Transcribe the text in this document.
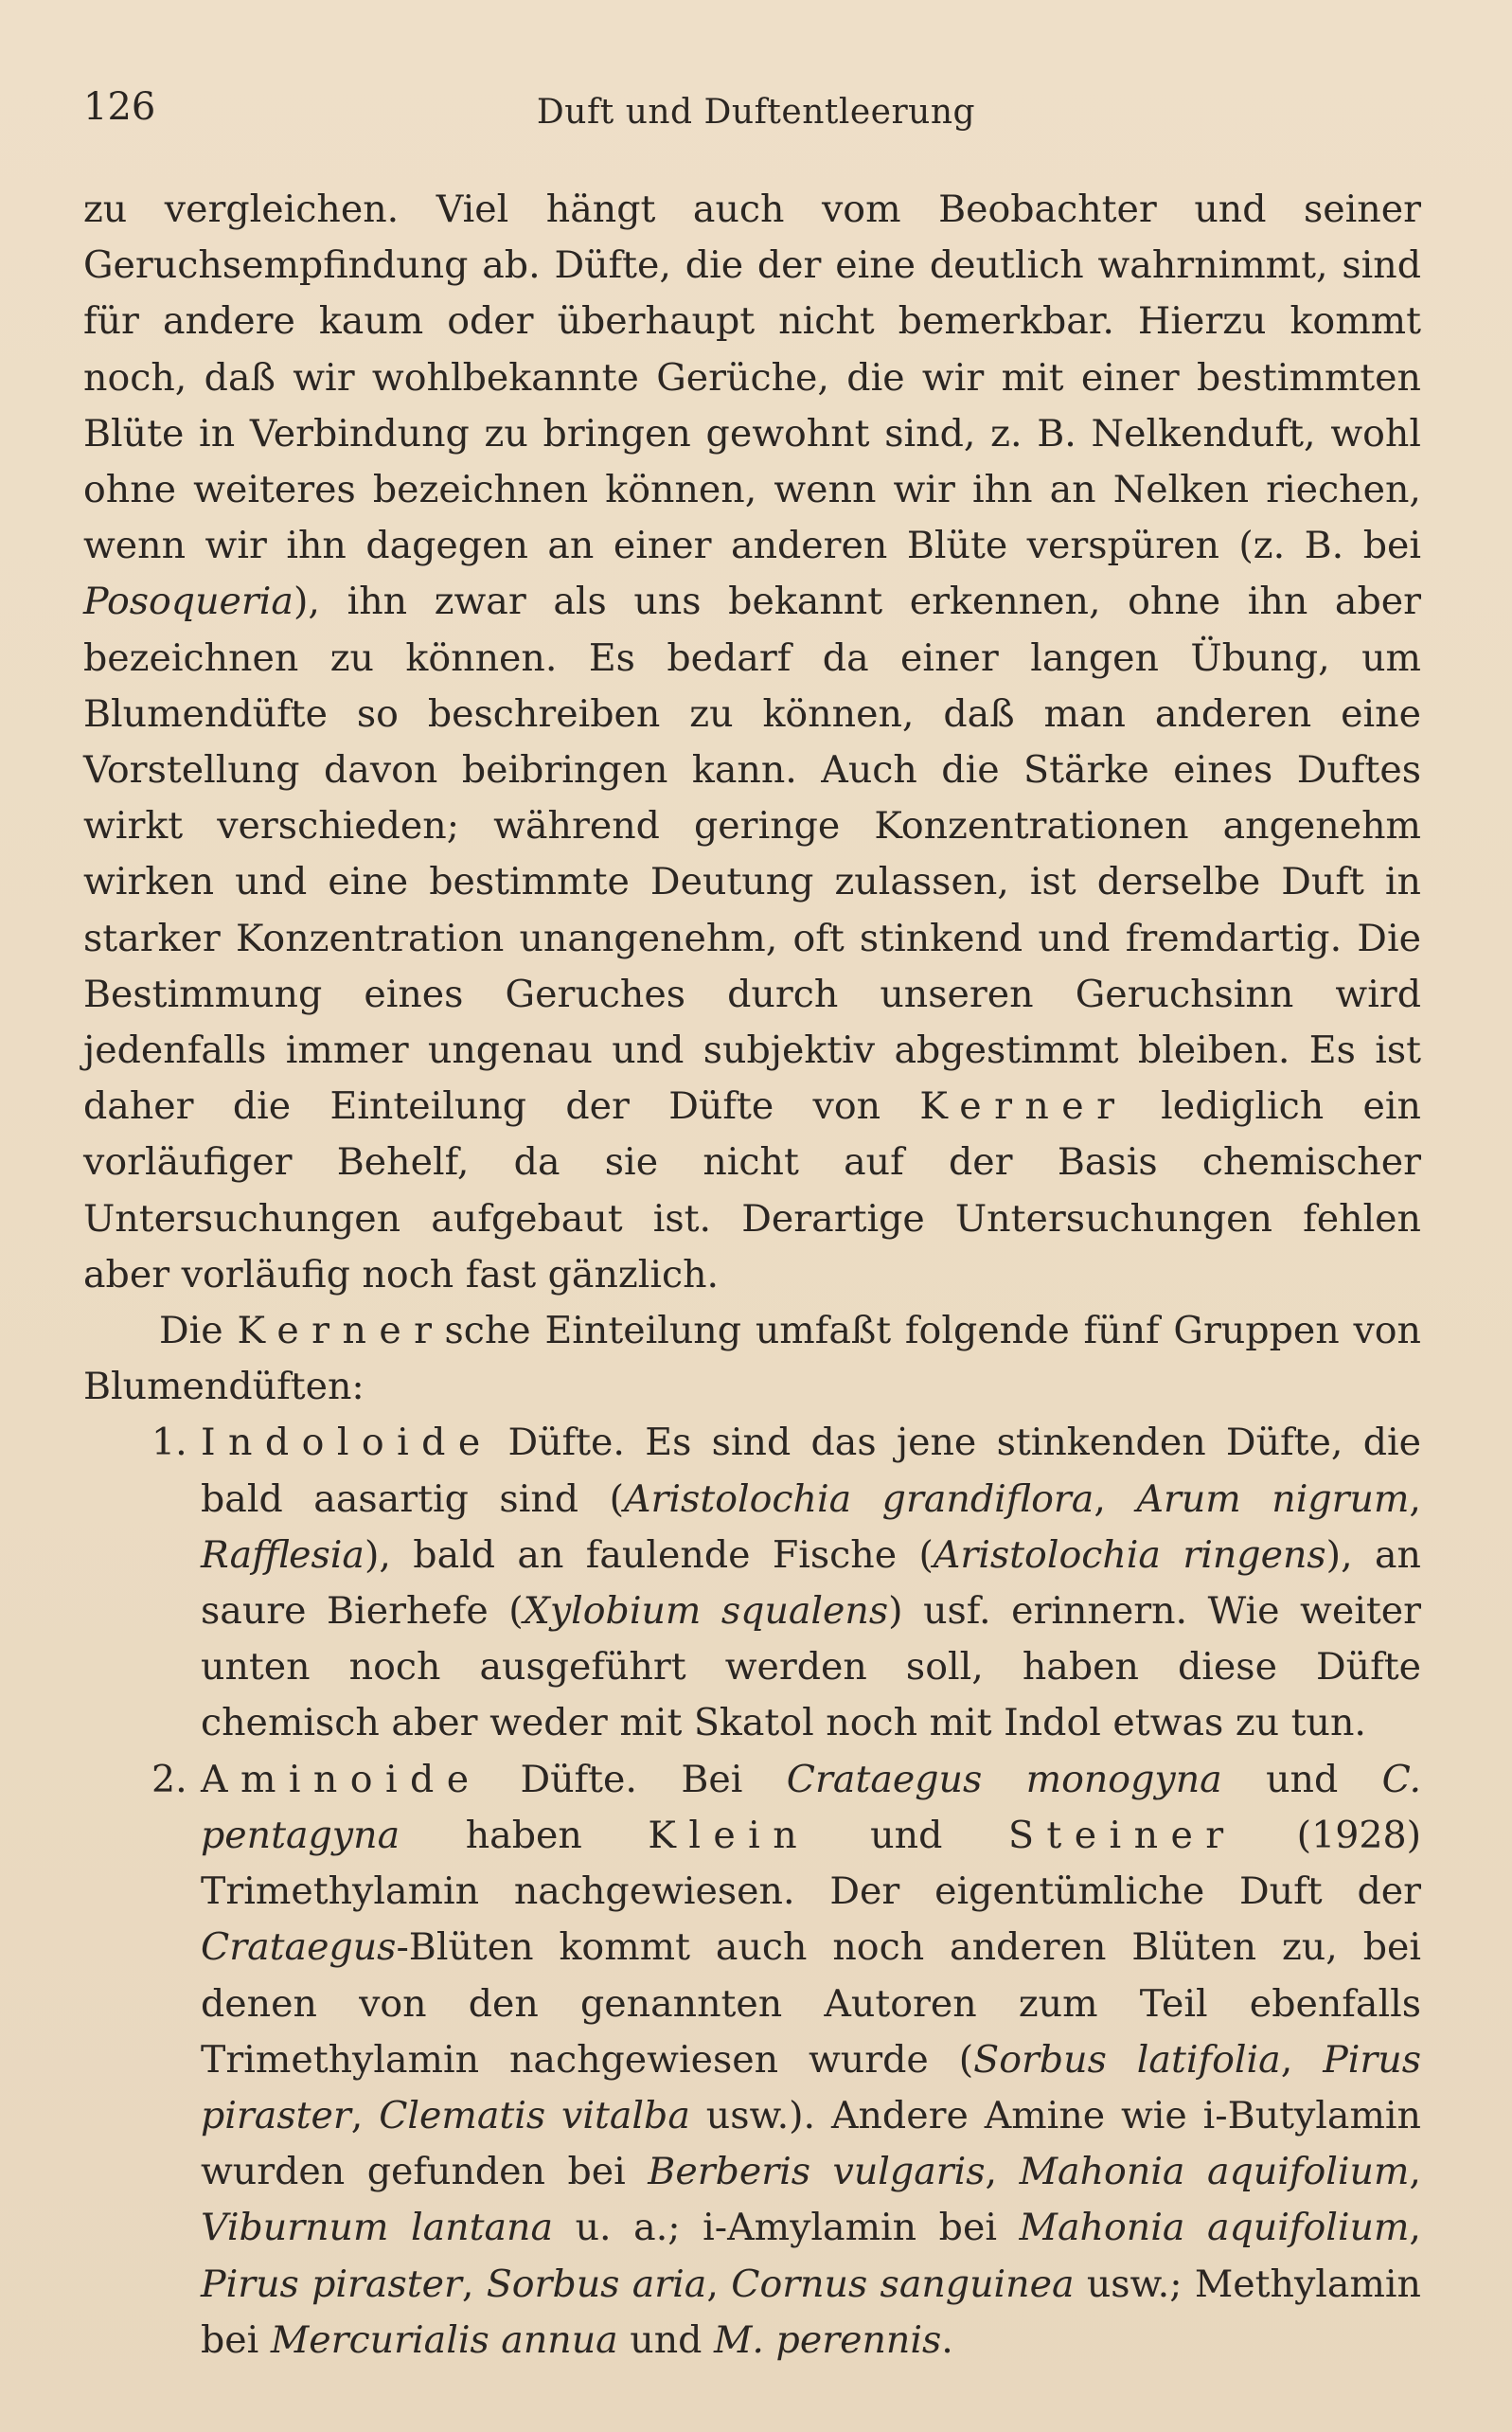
126	Duft und Duftentleerung

zu vergleichen. Viel hängt auch vom Beobachter und seiner Geruchsempfindung ab. Düfte, die der eine deutlich wahrnimmt, sind für andere kaum oder überhaupt nicht bemerkbar. Hierzu kommt noch, daß wir wohlbekannte Gerüche, die wir mit einer bestimmten Blüte in Verbindung zu bringen gewohnt sind, z. B. Nelkenduft, wohl ohne weiteres bezeichnen können, wenn wir ihn an Nelken riechen, wenn wir ihn dagegen an einer anderen Blüte verspüren (z. B. bei Posoqueria), ihn zwar als uns bekannt erkennen, ohne ihn aber bezeichnen zu können. Es bedarf da einer langen Übung, um Blumendüfte so beschreiben zu können, daß man anderen eine Vorstellung davon beibringen kann. Auch die Stärke eines Duftes wirkt verschieden; während geringe Konzentrationen angenehm wirken und eine bestimmte Deutung zulassen, ist derselbe Duft in starker Konzentration unangenehm, oft stinkend und fremdartig. Die Bestimmung eines Geruches durch unseren Geruchsinn wird jedenfalls immer ungenau und subjektiv abgestimmt bleiben. Es ist daher die Einteilung der Düfte von Kerner lediglich ein vorläufiger Behelf, da sie nicht auf der Basis chemischer Untersuchungen aufgebaut ist. Derartige Untersuchungen fehlen aber vorläufig noch fast gänzlich.

Die Kernersche Einteilung umfaßt folgende fünf Gruppen von Blumendüften:

1. Indoloide Düfte. Es sind das jene stinkenden Düfte, die bald aasartig sind (Aristolochia grandiflora, Arum nigrum, Rafflesia), bald an faulende Fische (Aristolochia ringens), an saure Bierhefe (Xylobium squalens) usf. erinnern. Wie weiter unten noch ausgeführt werden soll, haben diese Düfte chemisch aber weder mit Skatol noch mit Indol etwas zu tun.
2. Aminoide Düfte. Bei Crataegus monogyna und C. pentagyna haben Klein und Steiner (1928) Trimethylamin nachgewiesen. Der eigentümliche Duft der Crataegus-Blüten kommt auch noch anderen Blüten zu, bei denen von den genannten Autoren zum Teil ebenfalls Trimethylamin nachgewiesen wurde (Sorbus latifolia, Pirus piraster, Clematis vitalba usw.). Andere Amine wie i-Butylamin wurden gefunden bei Berberis vulgaris, Mahonia aquifolium, Viburnum lantana u. a.; i-Amylamin bei Mahonia aquifolium, Pirus piraster, Sorbus aria, Cornus sanguinea usw.; Methylamin bei Mercurialis annua und M. perennis.
